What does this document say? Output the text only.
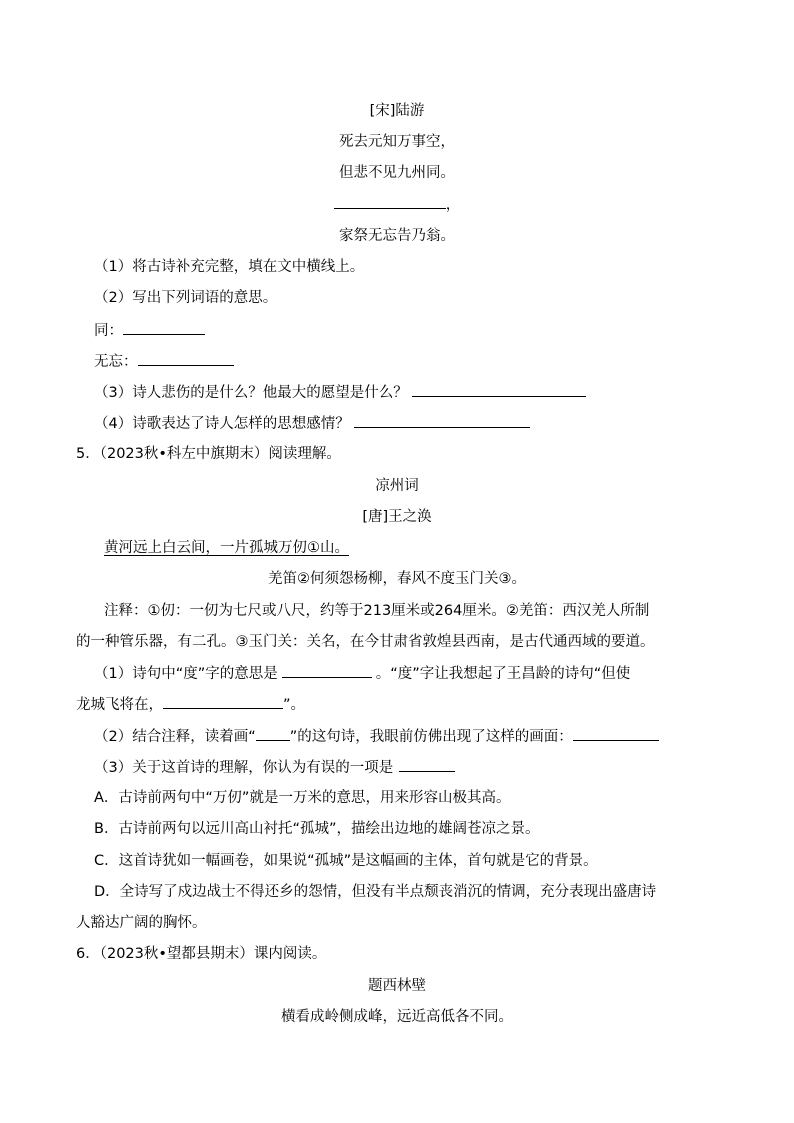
[宋]陆游
死去元知万事空，
但悲不见九州同。
，
家祭无忘告乃翁。
（1）将古诗补充完整，填在文中横线上。
（2）写出下列词语的意思。
同：
无忘：
（3）诗人悲伤的是什么？他最大的愿望是什么？
（4）诗歌表达了诗人怎样的思想感情？
5．（2023秋•科左中旗期末）阅读理解。
凉州词
[唐]王之涣
黄河远上白云间，一片孤城万仞①山。
羌笛②何须怨杨柳，春风不度玉门关③。
注释：①仞：一仞为七尺或八尺，约等于213厘米或264厘米。②羌笛：西汉羌人所制
的一种管乐器，有二孔。③玉门关：关名，在今甘肃省敦煌县西南，是古代通西域的要道。
（1）诗句中“度”字的意思是	。“度”字让我想起了王昌龄的诗句“但使
龙城飞将在，	”。
（2）结合注释，读着画“ ”的这句诗，我眼前仿佛出现了这样的画面：
（3）关于这首诗的理解，你认为有误的一项是
A．古诗前两句中“万仞”就是一万米的意思，用来形容山极其高。
B．古诗前两句以远川高山衬托“孤城”，描绘出边地的雄阔苍凉之景。
C．这首诗犹如一幅画卷，如果说“孤城”是这幅画的主体，首句就是它的背景。
D．全诗写了戍边战士不得还乡的怨情，但没有半点颓丧消沉的情调，充分表现出盛唐诗
人豁达广阔的胸怀。
6．（2023秋•望都县期末）课内阅读。
题西林壁
横看成岭侧成峰，远近高低各不同。
